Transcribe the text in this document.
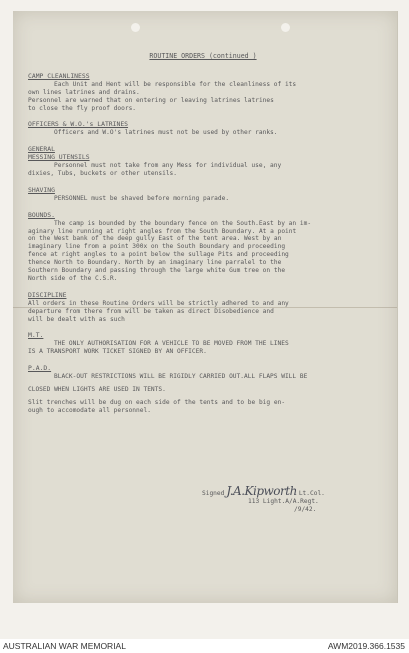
ROUTINE ORDERS (continued )
CAMP CLEANLINESS
Each Unit and Hent will be responsible for the cleanliness of its
own lines latrines and drains.
Personnel are warned that on entering or leaving latrines latrines
to close the fly proof doors.
OFFICERS & W.O.'s LATRINES
Officers and W.O's latrines must not be used by other ranks.
GENERAL
MESSING UTENSILS
Personnel must not take from any Mess for individual use, any
dixies, Tubs, buckets or other utensils.
SHAVING
PERSONNEL must be shaved before morning parade.
BOUNDS.
The camp is bounded by the boundary fence on the South.East by an im-
aginary line running at right angles from the South Boundary. At a point
on the West bank of the deep gully East of the tent area. West by an
imaginary line from a point 300x on the South Boundary and proceeding
fence at right angles to a point below the sullage Pits and proceeding
thence North to Boundary. North by an imaginary line parralel to the
Southern Boundary and passing through the large white Gum tree on the
North side of the C.S.R.
DISCIPLINE
All orders in these Routine Orders will be strictly adhered to and any
departure from there from will be taken as direct Disobedience and
will be dealt with as such
M.T.
THE ONLY AUTHORISATION FOR A VEHICLE TO BE MOVED FROM THE LINES
IS A TRANSPORT WORK TICKET SIGNED BY AN OFFICER.
P.A.D.
BLACK-OUT RESTRICTIONS WILL BE RIGIDLY CARRIED OUT.ALL FLAPS WILL BE
CLOSED WHEN LIGHTS ARE USED IN TENTS.
Slit trenches will be dug on each side of the tents and to be big en-
ough to accomodate all personnel.
Signed J.A.Kipworth Lt.Col.
113 Light.A/A.Regt.
/9/42.
AUSTRALIAN WAR MEMORIAL	AWM2019.366.1535
